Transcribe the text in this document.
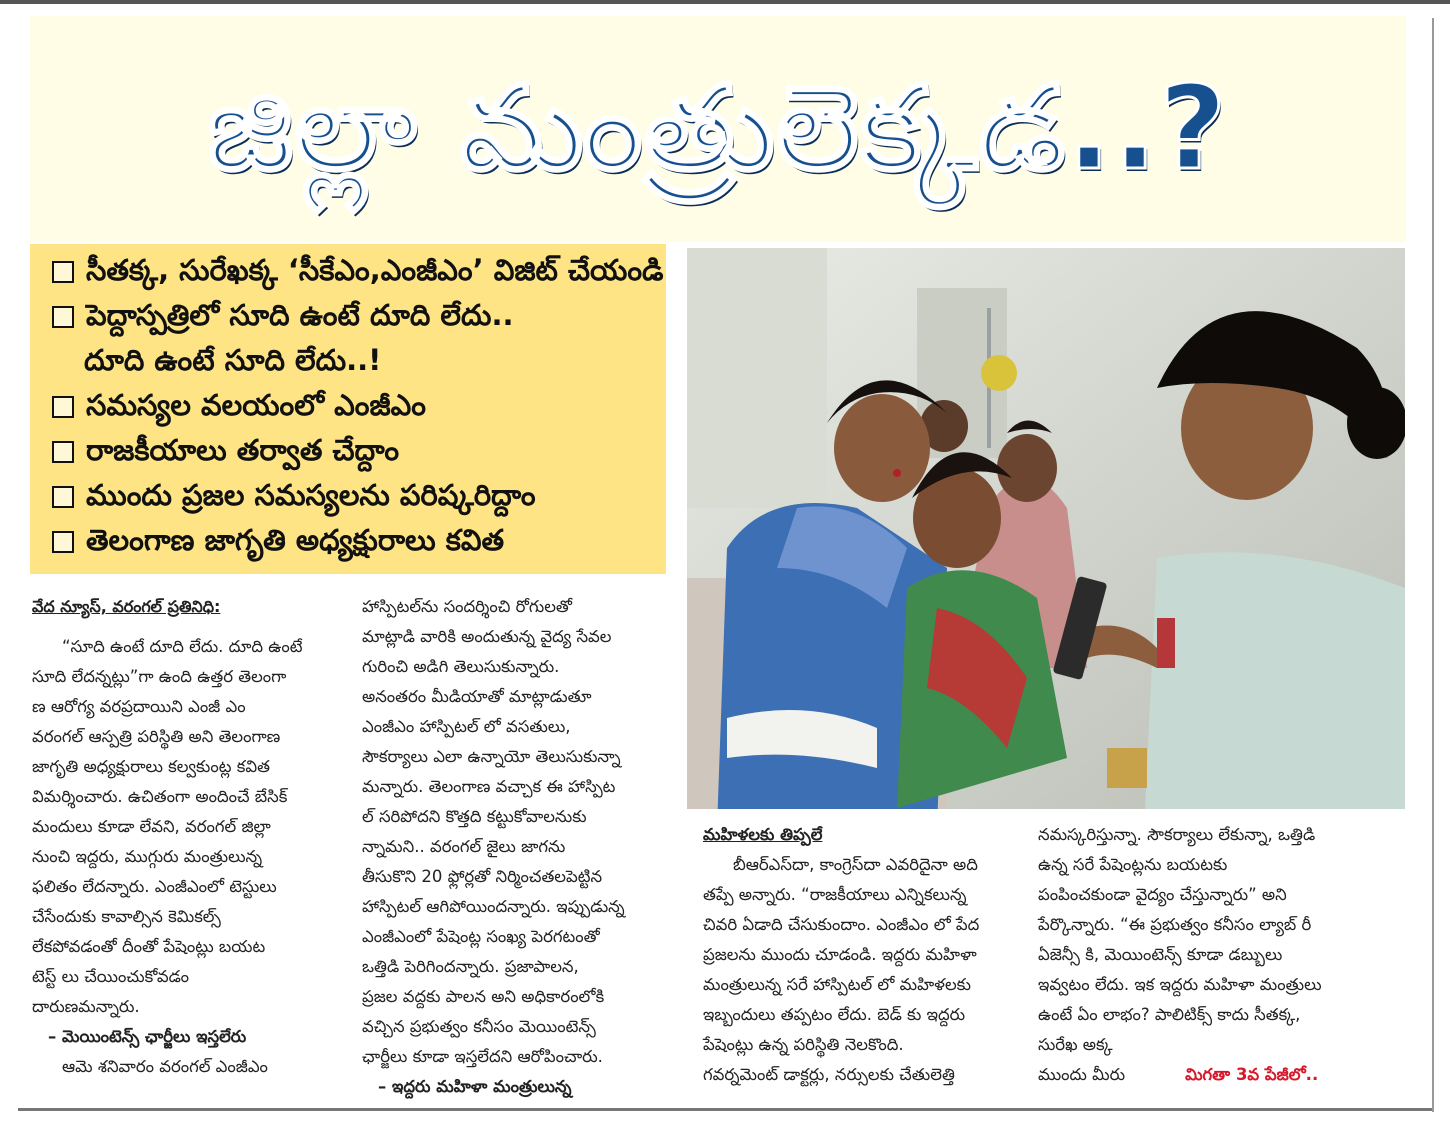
జిల్లా మంత్రులెక్కడ..?
సీతక్క, సురేఖక్క ‘సీకేఎం,ఎంజీఎం’ విజిట్ చేయండి
పెద్దాస్పత్రిలో సూది ఉంటే దూది లేదు..
దూది ఉంటే సూది లేదు..!
సమస్యల వలయంలో ఎంజీఎం
రాజకీయాలు తర్వాత చేద్దాం
ముందు ప్రజల సమస్యలను పరిష్కరిద్దాం
తెలంగాణ జాగృతి అధ్యక్షురాలు కవిత

వేద న్యూస్, వరంగల్ ప్రతినిధి:

“సూది ఉంటే దూది లేదు. దూది ఉంటే

సూది లేదన్నట్లు”గా ఉంది ఉత్తర తెలంగా

ణ ఆరోగ్య వరప్రదాయిని ఎంజీ ఎం

వరంగల్ ఆస్పత్రి పరిస్థితి అని తెలంగాణ

జాగృతి అధ్యక్షురాలు కల్వకుంట్ల కవిత

విమర్శించారు. ఉచితంగా అందించే బేసిక్

మందులు కూడా లేవని, వరంగల్ జిల్లా

నుంచి ఇద్దరు, ముగ్గురు మంత్రులున్న

ఫలితం లేదన్నారు. ఎంజీఎంలో టెస్టులు

చేసేందుకు కావాల్సిన కెమికల్స్

లేకపోవడంతో దీంతో పేషెంట్లు బయట

టెస్ట్ లు చేయించుకోవడం

దారుణమన్నారు.

– మెయింటెన్స్ ఛార్జీలు ఇస్తలేరు

ఆమె శనివారం వరంగల్ ఎంజీఎం

హాస్పిటల్‌ను సందర్శించి రోగులతో

మాట్లాడి వారికి అందుతున్న వైద్య సేవల

గురించి అడిగి తెలుసుకున్నారు.

అనంతరం మీడియాతో మాట్లాడుతూ

ఎంజీఎం హాస్పిటల్ లో వసతులు,

సౌకర్యాలు ఎలా ఉన్నాయో తెలుసుకున్నా

మన్నారు. తెలంగాణ వచ్చాక ఈ హాస్పిట

ల్ సరిపోదని కొత్తది కట్టుకోవాలనుకు

న్నామని.. వరంగల్ జైలు జాగను

తీసుకొని 20 ఫ్లోర్లతో నిర్మించతలపెట్టిన

హాస్పిటల్ ఆగిపోయిందన్నారు. ఇప్పుడున్న

ఎంజీఎంలో పేషెంట్ల సంఖ్య పెరగటంతో

ఒత్తిడి పెరిగిందన్నారు. ప్రజాపాలన,

ప్రజల వద్దకు పాలన అని అధికారంలోకి

వచ్చిన ప్రభుత్వం కనీసం మెయింటెన్స్

ఛార్జీలు కూడా ఇస్తలేదని ఆరోపించారు.

– ఇద్దరు మహిళా మంత్రులున్న

మహిళలకు తిప్పలే

బీఆర్ఎస్‌దా, కాంగ్రెస్‌దా ఎవరిదైనా అది

తప్పే అన్నారు. “రాజకీయాలు ఎన్నికలున్న

చివరి ఏడాది చేసుకుందాం. ఎంజీఎం లో పేద

ప్రజలను ముందు చూడండి. ఇద్దరు మహిళా

మంత్రులున్న సరే హాస్పిటల్ లో మహిళలకు

ఇబ్బందులు తప్పటం లేదు. బెడ్ కు ఇద్దరు

పేషెంట్లు ఉన్న పరిస్థితి నెలకొంది.

గవర్నమెంట్ డాక్టర్లు, నర్సులకు చేతులెత్తి

నమస్కరిస్తున్నా. సౌకర్యాలు లేకున్నా, ఒత్తిడి

ఉన్న సరే పేషెంట్లను బయటకు

పంపించకుండా వైద్యం చేస్తున్నారు” అని

పేర్కొన్నారు. “ఈ ప్రభుత్వం కనీసం ల్యాబ్ రీ

ఏజెన్సీ కి, మెయింటెన్స్ కూడా డబ్బులు

ఇవ్వటం లేదు. ఇక ఇద్దరు మహిళా మంత్రులు

ఉంటే ఏం లాభం? పాలిటిక్స్ కాదు సీతక్క,

సురేఖ అక్క

ముందు మీరు	మిగతా 3వ పేజీలో..
